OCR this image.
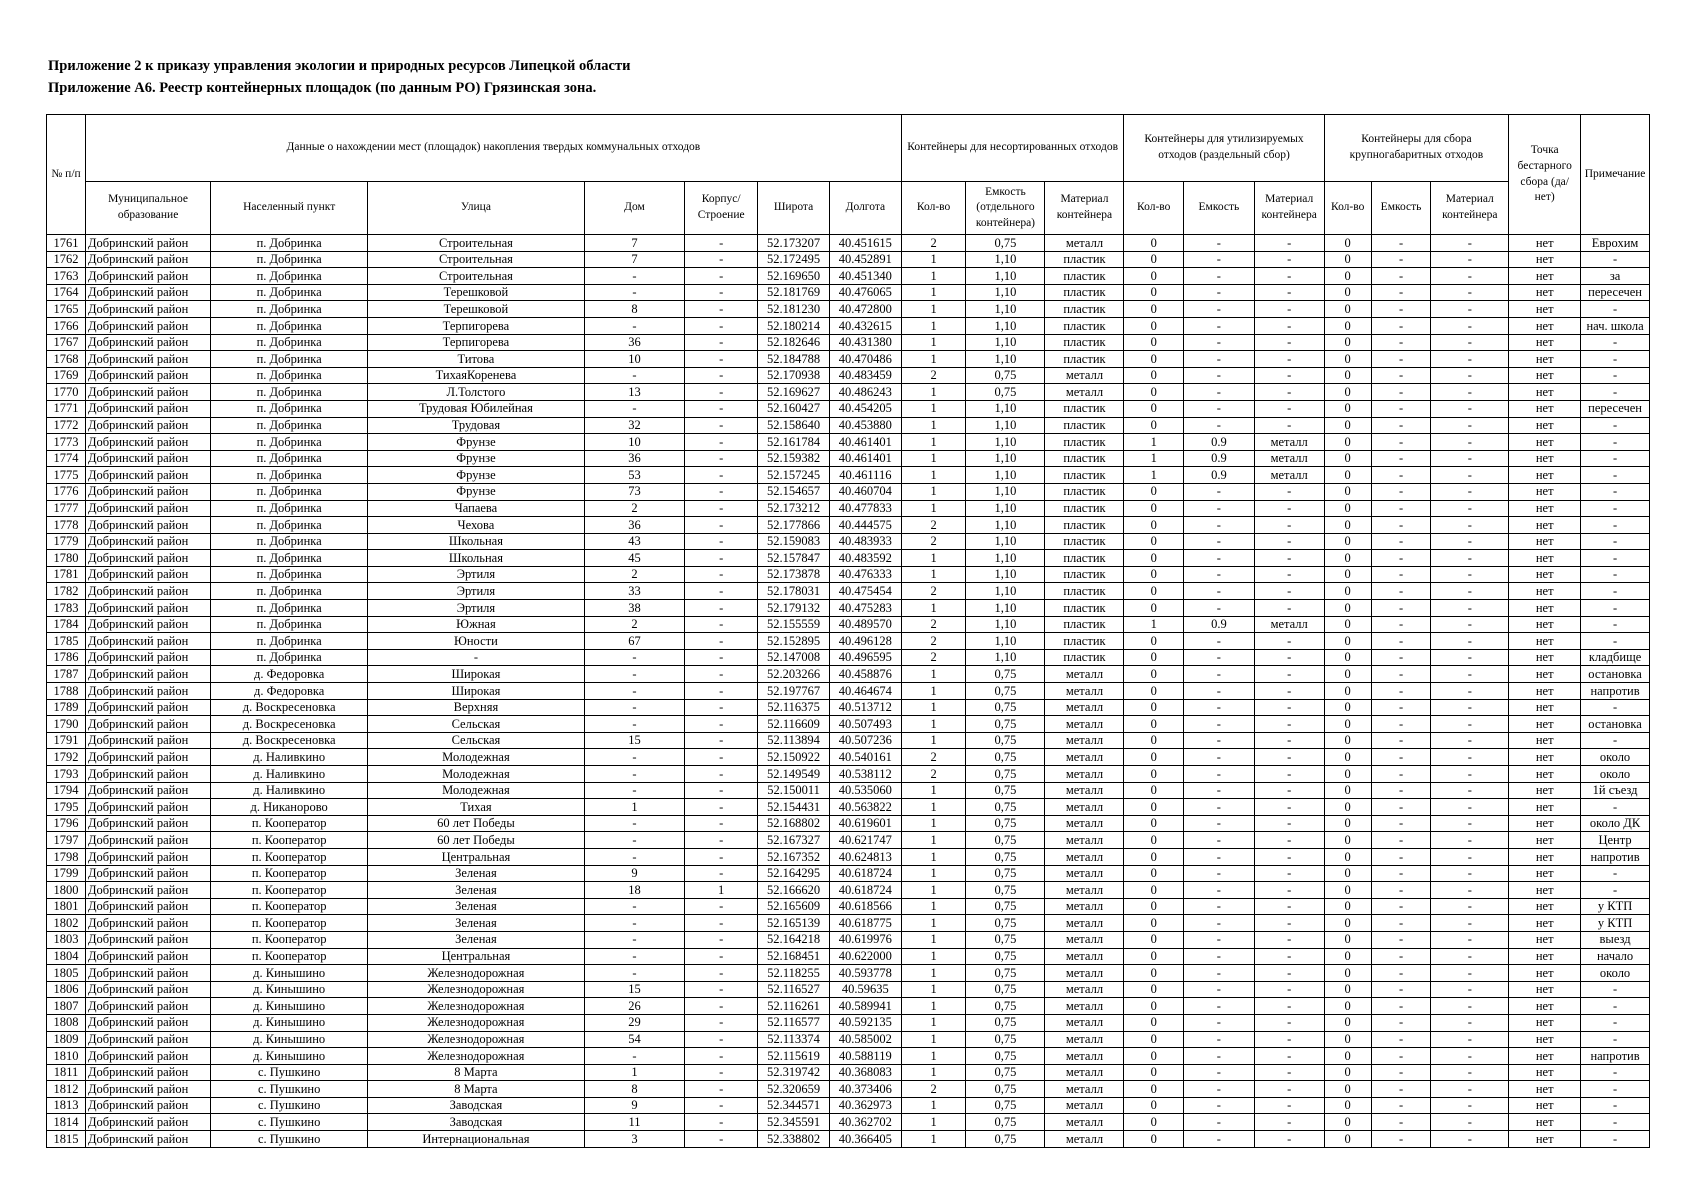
Приложение 2 к приказу управления экологии и природных ресурсов Липецкой области
Приложение А6. Реестр контейнерных площадок (по данным РО) Грязинская зона.
№ п/п	Данные о нахождении мест (площадок) накопления твердых коммунальных отходов							Контейнеры для несортированных отходов			Контейнеры для утилизируемых отходов (раздельный сбор)			Контейнеры для сбора крупногабаритных отходов			Точка бестарного сбора (да/нет)	Примечание
	Муниципальное образование	Населенный пункт	Улица	Дом	Корпус/ Строение	Широта	Долгота	Кол-во	Емкость (отдельного контейнера)	Материал контейнера	Кол-во	Емкость	Материал контейнера	Кол-во	Емкость	Материал контейнера		
1761	Добринский район	п. Добринка	Строительная	7	-	52.173207	40.451615	2	0,75	металл	0	-	-	0	-	-	нет	Еврохим
1762	Добринский район	п. Добринка	Строительная	7	-	52.172495	40.452891	1	1,10	пластик	0	-	-	0	-	-	нет	-
1763	Добринский район	п. Добринка	Строительная	-	-	52.169650	40.451340	1	1,10	пластик	0	-	-	0	-	-	нет	за
1764	Добринский район	п. Добринка	Терешковой	-	-	52.181769	40.476065	1	1,10	пластик	0	-	-	0	-	-	нет	пересечен
1765	Добринский район	п. Добринка	Терешковой	8	-	52.181230	40.472800	1	1,10	пластик	0	-	-	0	-	-	нет	-
1766	Добринский район	п. Добринка	Терпигорева	-	-	52.180214	40.432615	1	1,10	пластик	0	-	-	0	-	-	нет	нач. школа
1767	Добринский район	п. Добринка	Терпигорева	36	-	52.182646	40.431380	1	1,10	пластик	0	-	-	0	-	-	нет	-
1768	Добринский район	п. Добринка	Титова	10	-	52.184788	40.470486	1	1,10	пластик	0	-	-	0	-	-	нет	-
1769	Добринский район	п. Добринка	ТихаяКоренева	-	-	52.170938	40.483459	2	0,75	металл	0	-	-	0	-	-	нет	-
1770	Добринский район	п. Добринка	Л.Толстого	13	-	52.169627	40.486243	1	0,75	металл	0	-	-	0	-	-	нет	-
1771	Добринский район	п. Добринка	Трудовая Юбилейная	-	-	52.160427	40.454205	1	1,10	пластик	0	-	-	0	-	-	нет	пересечен
1772	Добринский район	п. Добринка	Трудовая	32	-	52.158640	40.453880	1	1,10	пластик	0	-	-	0	-	-	нет	-
1773	Добринский район	п. Добринка	Фрунзе	10	-	52.161784	40.461401	1	1,10	пластик	1	0.9	металл	0	-	-	нет	-
1774	Добринский район	п. Добринка	Фрунзе	36	-	52.159382	40.461401	1	1,10	пластик	1	0.9	металл	0	-	-	нет	-
1775	Добринский район	п. Добринка	Фрунзе	53	-	52.157245	40.461116	1	1,10	пластик	1	0.9	металл	0	-	-	нет	-
1776	Добринский район	п. Добринка	Фрунзе	73	-	52.154657	40.460704	1	1,10	пластик	0	-	-	0	-	-	нет	-
1777	Добринский район	п. Добринка	Чапаева	2	-	52.173212	40.477833	1	1,10	пластик	0	-	-	0	-	-	нет	-
1778	Добринский район	п. Добринка	Чехова	36	-	52.177866	40.444575	2	1,10	пластик	0	-	-	0	-	-	нет	-
1779	Добринский район	п. Добринка	Школьная	43	-	52.159083	40.483933	2	1,10	пластик	0	-	-	0	-	-	нет	-
1780	Добринский район	п. Добринка	Школьная	45	-	52.157847	40.483592	1	1,10	пластик	0	-	-	0	-	-	нет	-
1781	Добринский район	п. Добринка	Эртиля	2	-	52.173878	40.476333	1	1,10	пластик	0	-	-	0	-	-	нет	-
1782	Добринский район	п. Добринка	Эртиля	33	-	52.178031	40.475454	2	1,10	пластик	0	-	-	0	-	-	нет	-
1783	Добринский район	п. Добринка	Эртиля	38	-	52.179132	40.475283	1	1,10	пластик	0	-	-	0	-	-	нет	-
1784	Добринский район	п. Добринка	Южная	2	-	52.155559	40.489570	2	1,10	пластик	1	0.9	металл	0	-	-	нет	-
1785	Добринский район	п. Добринка	Юности	67	-	52.152895	40.496128	2	1,10	пластик	0	-	-	0	-	-	нет	-
1786	Добринский район	п. Добринка	-	-	-	52.147008	40.496595	2	1,10	пластик	0	-	-	0	-	-	нет	кладбище
1787	Добринский район	д. Федоровка	Широкая	-	-	52.203266	40.458876	1	0,75	металл	0	-	-	0	-	-	нет	остановка
1788	Добринский район	д. Федоровка	Широкая	-	-	52.197767	40.464674	1	0,75	металл	0	-	-	0	-	-	нет	напротив
1789	Добринский район	д. Воскресеновка	Верхняя	-	-	52.116375	40.513712	1	0,75	металл	0	-	-	0	-	-	нет	-
1790	Добринский район	д. Воскресеновка	Сельская	-	-	52.116609	40.507493	1	0,75	металл	0	-	-	0	-	-	нет	остановка
1791	Добринский район	д. Воскресеновка	Сельская	15	-	52.113894	40.507236	1	0,75	металл	0	-	-	0	-	-	нет	-
1792	Добринский район	д. Наливкино	Молодежная	-	-	52.150922	40.540161	2	0,75	металл	0	-	-	0	-	-	нет	около
1793	Добринский район	д. Наливкино	Молодежная	-	-	52.149549	40.538112	2	0,75	металл	0	-	-	0	-	-	нет	около
1794	Добринский район	д. Наливкино	Молодежная	-	-	52.150011	40.535060	1	0,75	металл	0	-	-	0	-	-	нет	1й съезд
1795	Добринский район	д. Никанорово	Тихая	1	-	52.154431	40.563822	1	0,75	металл	0	-	-	0	-	-	нет	-
1796	Добринский район	п. Кооператор	60 лет Победы	-	-	52.168802	40.619601	1	0,75	металл	0	-	-	0	-	-	нет	около ДК
1797	Добринский район	п. Кооператор	60 лет Победы	-	-	52.167327	40.621747	1	0,75	металл	0	-	-	0	-	-	нет	Центр
1798	Добринский район	п. Кооператор	Центральная	-	-	52.167352	40.624813	1	0,75	металл	0	-	-	0	-	-	нет	напротив
1799	Добринский район	п. Кооператор	Зеленая	9	-	52.164295	40.618724	1	0,75	металл	0	-	-	0	-	-	нет	-
1800	Добринский район	п. Кооператор	Зеленая	18	1	52.166620	40.618724	1	0,75	металл	0	-	-	0	-	-	нет	-
1801	Добринский район	п. Кооператор	Зеленая	-	-	52.165609	40.618566	1	0,75	металл	0	-	-	0	-	-	нет	у КТП
1802	Добринский район	п. Кооператор	Зеленая	-	-	52.165139	40.618775	1	0,75	металл	0	-	-	0	-	-	нет	у КТП
1803	Добринский район	п. Кооператор	Зеленая	-	-	52.164218	40.619976	1	0,75	металл	0	-	-	0	-	-	нет	выезд
1804	Добринский район	п. Кооператор	Центральная	-	-	52.168451	40.622000	1	0,75	металл	0	-	-	0	-	-	нет	начало
1805	Добринский район	д. Кинышино	Железнодорожная	-	-	52.118255	40.593778	1	0,75	металл	0	-	-	0	-	-	нет	около
1806	Добринский район	д. Кинышино	Железнодорожная	15	-	52.116527	40.59635	1	0,75	металл	0	-	-	0	-	-	нет	-
1807	Добринский район	д. Кинышино	Железнодорожная	26	-	52.116261	40.589941	1	0,75	металл	0	-	-	0	-	-	нет	-
1808	Добринский район	д. Кинышино	Железнодорожная	29	-	52.116577	40.592135	1	0,75	металл	0	-	-	0	-	-	нет	-
1809	Добринский район	д. Кинышино	Железнодорожная	54	-	52.113374	40.585002	1	0,75	металл	0	-	-	0	-	-	нет	-
1810	Добринский район	д. Кинышино	Железнодорожная	-	-	52.115619	40.588119	1	0,75	металл	0	-	-	0	-	-	нет	напротив
1811	Добринский район	с. Пушкино	8 Марта	1	-	52.319742	40.368083	1	0,75	металл	0	-	-	0	-	-	нет	-
1812	Добринский район	с. Пушкино	8 Марта	8	-	52.320659	40.373406	2	0,75	металл	0	-	-	0	-	-	нет	-
1813	Добринский район	с. Пушкино	Заводская	9	-	52.344571	40.362973	1	0,75	металл	0	-	-	0	-	-	нет	-
1814	Добринский район	с. Пушкино	Заводская	11	-	52.345591	40.362702	1	0,75	металл	0	-	-	0	-	-	нет	-
1815	Добринский район	с. Пушкино	Интернациональная	3	-	52.338802	40.366405	1	0,75	металл	0	-	-	0	-	-	нет	-
